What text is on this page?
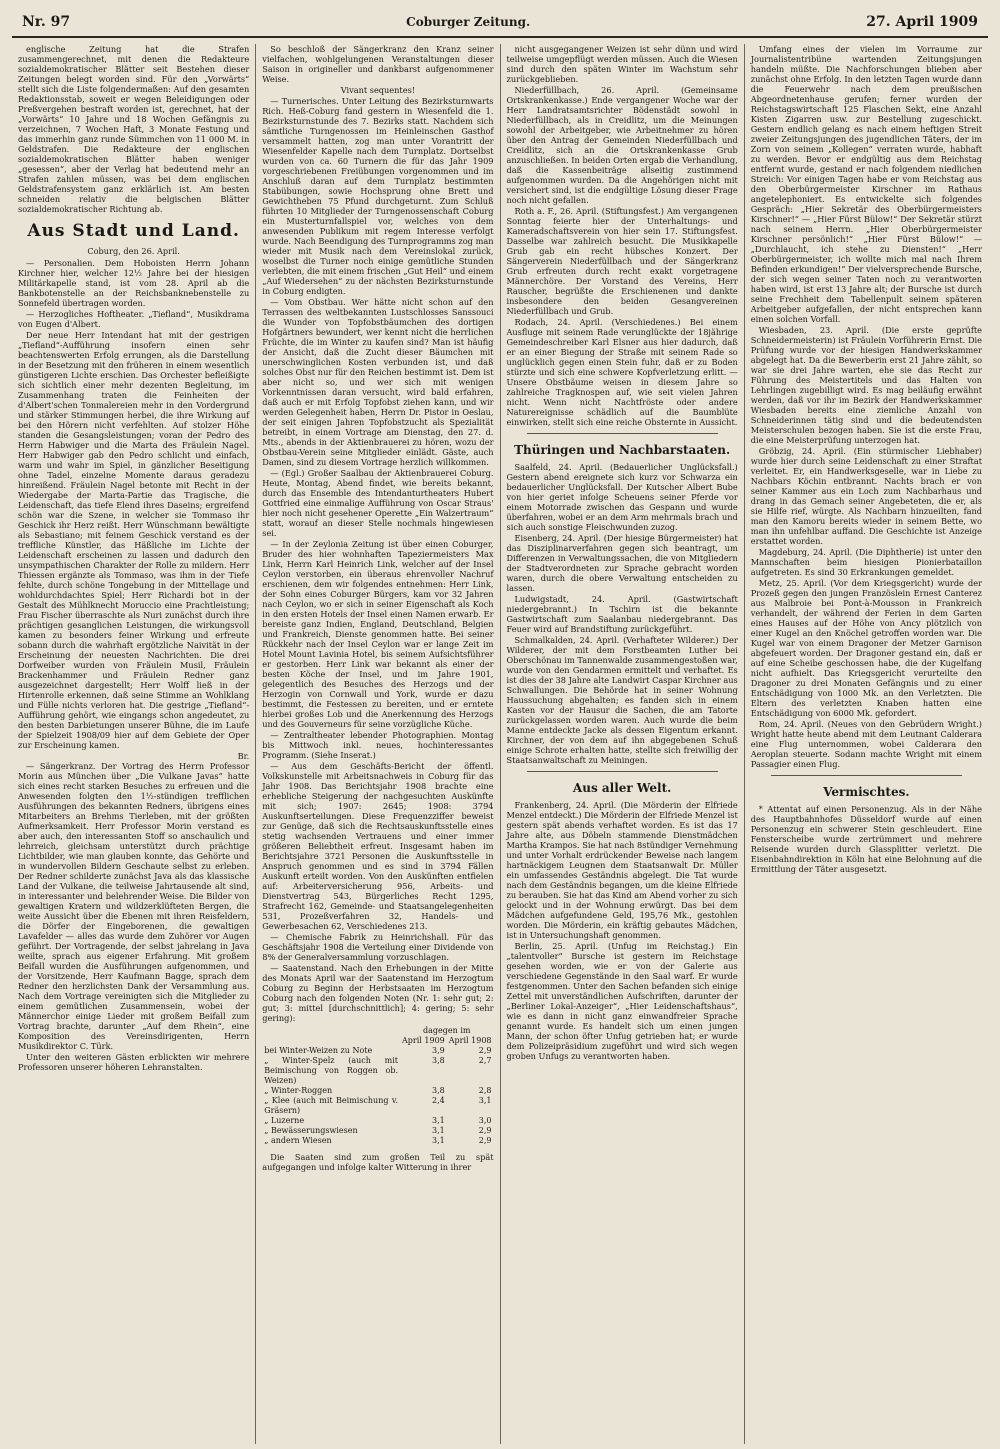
Nr. 97	Coburger Zeitung.	27. April 1909

englische Zeitung hat die Strafen zusammengerechnet, mit denen die Redakteure sozialdemokratischer Blätter seit Bestehen dieser Zeitungen belegt worden sind. Für den „Vorwärts“ stellt sich die Liste folgendermaßen: Auf den gesamten Redaktionsstab, soweit er wegen Beleidigungen oder Preßvergehen bestraft worden ist, gerechnet, hat der „Vorwärts“ 10 Jahre und 18 Wochen Gefängnis zu verzeichnen, 7 Wochen Haft, 3 Monate Festung und das immerhin ganz runde Sümmchen von 11 000 M. in Geldstrafen. Die Redakteure der englischen sozialdemokratischen Blätter haben weniger „gesessen“, aber der Verlag hat bedeutend mehr an Strafen zahlen müssen, was bei dem englischen Geldstrafensystem ganz erklärlich ist. Am besten schneiden relativ die belgischen Blätter sozialdemokratischer Richtung ab.

Aus Stadt und Land.
Coburg, den 26. April.

— Personalien. Dem Hoboisten Herrn Johann Kirchner hier, welcher 12½ Jahre bei der hiesigen Militärkapelle stand, ist vom 28. April ab die Bankbotenstelle an der Reichsbanknebenstelle zu Sonnefeld übertragen worden.

— Herzogliches Hoftheater. „Tiefland“, Musikdrama von Eugen d'Albert.

Der neue Herr Intendant hat mit der gestrigen „Tiefland“-Aufführung insofern einen sehr beachtenswerten Erfolg errungen, als die Darstellung in der Besetzung mit den früheren in einem wesentlich günstigeren Lichte erschien. Das Orchester befleißigte sich sichtlich einer mehr dezenten Begleitung, im Zusammenhang traten die Feinheiten der d'Albert'schen Tonmalereien mehr in den Vordergrund und stärker Stimmungen herbei, die ihre Wirkung auf bei den Hörern nicht verfehlten. Auf stolzer Höhe standen die Gesangsleistungen; voran der Pedro des Herrn Habwiger und die Marta des Fräulein Nagel. Herr Habwiger gab den Pedro schlicht und einfach, warm und wahr im Spiel, in gänzlicher Beseitigung ohne Tadel, einzelne Momente daraus geradezu hinreißend. Fräulein Nagel betonte mit Recht in der Wiedergabe der Marta-Partie das Tragische, die Leidenschaft, das tiefe Elend ihres Daseins; ergreifend schön war die Szene, in welcher sie Tommaso ihr Geschick ihr Herz reißt. Herr Wünschmann bewältigte als Sebastiano; mit feinem Geschick verstand es der treffliche Künstler, das Häßliche im Lichte der Leidenschaft erscheinen zu lassen und dadurch den unsympathischen Charakter der Rolle zu mildern. Herr Thiessen ergänzte als Tommaso, was ihm in der Tiefe fehlte, durch schöne Tongebung in der Mittellage und wohldurchdachtes Spiel; Herr Richardi bot in der Gestalt des Mühlknecht Moruccio eine Prachtleistung; Frau Fischer überraschte als Nuri zunächst durch ihre prächtigen gesanglichen Leistungen, die wirkungsvoll kamen zu besonders feiner Wirkung und erfreute sobann durch die wahrhaft ergötzliche Naivität in der Erscheinung der neuesten Nachrichten. Die drei Dorfweiber wurden von Fräulein Musil, Fräulein Brackenhammer und Fräulein Redner ganz ausgezeichnet dargestellt; Herr Wolff ließ in der Hirtenrolle erkennen, daß seine Stimme an Wohlklang und Fülle nichts verloren hat. Die gestrige „Tiefland“-Aufführung gehört, wie eingangs schon angedeutet, zu den besten Darbietungen unserer Bühne, die im Laufe der Spielzeit 1908/09 hier auf dem Gebiete der Oper zur Erscheinung kamen.

Br.

— Sängerkranz. Der Vortrag des Herrn Professor Morin aus München über „Die Vulkane Javas“ hatte sich eines recht starken Besuches zu erfreuen und die Anwesenden folgten den 1½-stündigen trefflichen Ausführungen des bekannten Redners, übrigens eines Mitarbeiters an Brehms Tierleben, mit der größten Aufmerksamkeit. Herr Professor Morin verstand es aber auch, den interessanten Stoff so anschaulich und lehrreich, gleichsam unterstützt durch prächtige Lichtbilder, wie man glauben konnte, das Gehörte und in wundervollen Bildern Geschaute selbst zu erleben. Der Redner schilderte zunächst Java als das klassische Land der Vulkane, die teilweise Jahrtausende alt sind, in interessanter und belehrender Weise. Die Bilder von gewaltigen Kratern und wildzerklüfteten Bergen, die weite Aussicht über die Ebenen mit ihren Reisfeldern, die Dörfer der Eingeborenen, die gewaltigen Lavafelder — alles das wurde dem Zuhörer vor Augen geführt. Der Vortragende, der selbst jahrelang in Java weilte, sprach aus eigener Erfahrung. Mit großem Beifall wurden die Ausführungen aufgenommen, und der Vorsitzende, Herr Kaufmann Bagge, sprach dem Redner den herzlichsten Dank der Versammlung aus. Nach dem Vortrage vereinigten sich die Mitglieder zu einem gemütlichen Zusammensein, wobei der Männerchor einige Lieder mit großem Beifall zum Vortrag brachte, darunter „Auf dem Rhein“, eine Komposition des Vereinsdirigenten, Herrn Musikdirektor C. Türk.

Unter den weiteren Gästen erblickten wir mehrere Professoren unserer höheren Lehranstalten.

So beschloß der Sängerkranz den Kranz seiner vielfachen, wohlgelungenen Veranstaltungen dieser Saison in origineller und dankbarst aufgenommener Weise.

Vivant sequentes!

— Turnerisches. Unter Leitung des Bezirksturnwarts Rich. Heß-Coburg fand gestern in Wiesenfeld die 1. Bezirksturnstunde des 7. Bezirks statt. Nachdem sich sämtliche Turngenossen im Heinleinschen Gasthof versammelt hatten, zog man unter Vorantritt der Wiesenfelder Kapelle nach dem Turnplatz. Dortselbst wurden von ca. 60 Turnern die für das Jahr 1909 vorgeschriebenen Freiübungen vorgenommen und im Anschluß daran auf dem Turnplatz bestimmten Stabübungen, sowie Hochsprung ohne Brett und Gewichtheben 75 Pfund durchgeturnt. Zum Schluß führten 10 Mitglieder der Turngenossenschaft Coburg ein Musterturnfallspiel vor, welches von dem anwesenden Publikum mit regem Interesse verfolgt wurde. Nach Beendigung des Turnprogramms zog man wieder mit Musik nach dem Vereinslokal zurück, woselbst die Turner noch einige gemütliche Stunden verlebten, die mit einem frischen „Gut Heil“ und einem „Auf Wiedersehen“ zu der nächsten Bezirksturnstunde in Coburg endigten.

— Vom Obstbau. Wer hätte nicht schon auf den Terrassen des weltbekannten Lustschlosses Sanssouci die Wunder von Topfobstbäumchen des dortigen Hofgärtners bewundert, wer kennt nicht die herrlichen Früchte, die im Winter zu kaufen sind? Man ist häufig der Ansicht, daß die Zucht dieser Bäumchen mit unerschwinglichen Kosten verbunden ist, und daß solches Obst nur für den Reichen bestimmt ist. Dem ist aber nicht so, und wer sich mit wenigen Vorkenntnissen daran versucht, wird bald erfahren, daß auch er mit Erfolg Topfobst ziehen kann, und wir werden Gelegenheit haben, Herrn Dr. Pistor in Oeslau, der seit einigen Jahren Topfobstzucht als Spezialität betreibt, in einem Vortrage am Dienstag, den 27. d. Mts., abends in der Aktienbrauerei zu hören, wozu der Obstbau-Verein seine Mitglieder einlädt. Gäste, auch Damen, sind zu diesem Vortrage herzlich willkommen.

— (Egl.) Großer Saalbau der Aktienbrauerei Coburg. Heute, Montag, Abend findet, wie bereits bekannt, durch das Ensemble des Intendanturtheaters Hubert Gottfried eine einmalige Aufführung von Oscar Straus' hier noch nicht gesehener Operette „Ein Walzertraum“ statt, worauf an dieser Stelle nochmals hingewiesen sei.

— In der Zeylonia Zeitung ist über einen Coburger, Bruder des hier wohnhaften Tapeziermeisters Max Link, Herrn Karl Heinrich Link, welcher auf der Insel Ceylon verstorben, ein überaus ehrenvoller Nachruf erschienen, dem wir folgendes entnehmen: Herr Link, der Sohn eines Coburger Bürgers, kam vor 32 Jahren nach Ceylon, wo er sich in seiner Eigenschaft als Koch in den ersten Hotels der Insel einen Namen erwarb. Er bereiste ganz Indien, England, Deutschland, Belgien und Frankreich, Dienste genommen hatte. Bei seiner Rückkehr nach der Insel Ceylon war er lange Zeit im Hotel Mount Lavinia Hotel, bis seinem Aufsichtsführer er gestorben. Herr Link war bekannt als einer der besten Köche der Insel, und im Jahre 1901, gelegentlich des Besuches des Herzogs und der Herzogin von Cornwall und York, wurde er dazu bestimmt, die Festessen zu bereiten, und er erntete hierbei großes Lob und die Anerkennung des Herzogs und des Gouverneurs für seine vorzügliche Küche.

— Zentraltheater lebender Photographien. Montag bis Mittwoch inkl. neues, hochinteressantes Programm. (Siehe Inserat.)

— Aus dem Geschäfts-Bericht der öffentl. Volkskunstelle mit Arbeitsnachweis in Coburg für das Jahr 1908. Das Berichtsjahr 1908 brachte eine erhebliche Steigerung der nachgesuchten Auskünfte mit sich; 1907: 2645; 1908: 3794 Auskunftserteilungen. Diese Frequenzziffer beweist zur Genüge, daß sich die Rechtsauskunftsstelle eines stetig wachsenden Vertrauens und einer immer größeren Beliebtheit erfreut. Insgesamt haben im Berichtsjahre 3721 Personen die Auskunftsstelle in Anspruch genommen und es sind in 3794 Fällen Auskunft erteilt worden. Von den Auskünften entfielen auf: Arbeiterversicherung 956, Arbeits- und Dienstvertrag 543, Bürgerliches Recht 1295, Strafrecht 162, Gemeinde- und Staatsangelegenheiten 531, Prozeßverfahren 32, Handels- und Gewerbesachen 62, Verschiedenes 213.

— Chemische Fabrik zu Heinrichshall. Für das Geschäftsjahr 1908 die Verteilung einer Dividende von 8% der Generalversammlung vorzuschlagen.

— Saatenstand. Nach den Erhebungen in der Mitte des Monats April war der Saatenstand im Herzogtum Coburg zu Beginn der Herbstsaaten im Herzogtum Coburg nach den folgenden Noten (Nr. 1: sehr gut; 2: gut; 3: mittel [durchschnittlich]; 4: gering; 5: sehr gering):

	dagegen im	
	April 1909	April 1908
bei Winter-Weizen zu Note	3,9	2,9
„ Winter-Spelz (auch mit Beimischung von Roggen ob. Weizen)	3,8	2,7
„ Winter-Roggen	3,8	2,8
„ Klee (auch mit Beimischung v. Gräsern)	2,4	3,1
„ Luzerne	3,1	3,0
„ Bewässerungswiesen	3,1	2,9
„ andern Wiesen	3,1	2,9

Die Saaten sind zum großen Teil zu spät aufgegangen und infolge kalter Witterung in ihrer

nicht ausgegangener Weizen ist sehr dünn und wird teilweise umgepflügt werden müssen. Auch die Wiesen sind durch den späten Winter im Wachstum sehr zurückgeblieben.

Niederfüllbach, 26. April. (Gemeinsame Ortskrankenkasse.) Ende vergangener Woche war der Herr Landratsamtsrichter Bödenstädt sowohl in Niederfüllbach, als in Creidlitz, um die Meinungen sowohl der Arbeitgeber, wie Arbeitnehmer zu hören über den Antrag der Gemeinden Niederfüllbach und Creidlitz, sich an die Ortskrankenkasse Grub anzuschließen. In beiden Orten ergab die Verhandlung, daß die Kassenbeiträge allseitig zustimmend aufgenommen wurden. Da die Angehörigen nicht mit versichert sind, ist die endgültige Lösung dieser Frage noch nicht gefallen.

Roth a. F., 26. April. (Stiftungsfest.) Am vergangenen Sonntag feierte hier der Unterhaltungs- und Kameradschaftsverein von hier sein 17. Stiftungsfest. Dasselbe war zahlreich besucht. Die Musikkapelle Grub gab ein recht hübsches Konzert. Der Sängerverein Niederfüllbach und der Sängerkranz Grub erfreuten durch recht exakt vorgetragene Männerchöre. Der Vorstand des Vereins, Herr Rauscher, begrüßte die Erschienenen und dankte insbesondere den beiden Gesangvereinen Niederfüllbach und Grub.

Rodach, 24. April. (Verschiedenes.) Bei einem Ausfluge mit seinem Rade verunglückte der 18jährige Gemeindeschreiber Karl Elsner aus hier dadurch, daß er an einer Biegung der Straße mit seinem Rade so unglücklich gegen einen Stein fuhr, daß er zu Boden stürzte und sich eine schwere Kopfverletzung erlitt. — Unsere Obstbäume weisen in diesem Jahre so zahlreiche Tragknospen auf, wie seit vielen Jahren nicht. Wenn nicht Nachtfröste oder andere Naturereignisse schädlich auf die Baumblüte einwirken, stellt sich eine reiche Obsternte in Aussicht.

Thüringen und Nachbarstaaten.

Saalfeld, 24. April. (Bedauerlicher Unglücksfall.) Gestern abend ereignete sich kurz vor Schwarza ein bedauerlicher Unglücksfall. Der Kutscher Albert Bube von hier geriet infolge Scheuens seiner Pferde vor einem Motorrade zwischen das Gespann und wurde überfahren, wobei er an dem Arm mehrmals brach und sich auch sonstige Fleischwunden zuzog.

Eisenberg, 24. April. (Der hiesige Bürgermeister) hat das Disziplinarverfahren gegen sich beantragt, um Differenzen in Verwaltungssachen, die von Mitgliedern der Stadtverordneten zur Sprache gebracht worden waren, durch die obere Verwaltung entscheiden zu lassen.

Ludwigstadt, 24. April. (Gastwirtschaft niedergebrannt.) In Tschirn ist die bekannte Gastwirtschaft zum Saalanbau niedergebrannt. Das Feuer wird auf Brandstiftung zurückgeführt.

Schmalkalden, 24. April. (Verhafteter Wilderer.) Der Wilderer, der mit dem Forstbeamten Luther bei Oberschönau im Tannenwalde zusammengestoßen war, wurde von den Gendarmen ermittelt und verhaftet. Es ist dies der 38 Jahre alte Landwirt Caspar Kirchner aus Schwallungen. Die Behörde hat in seiner Wohnung Haussuchung abgehalten; es fanden sich in einem Kasten vor der Hausur die Sachen, die am Tatorte zurückgelassen worden waren. Auch wurde die beim Manne entdeckte Jacke als dessen Eigentum erkannt. Kirchner, der von dem auf ihn abgegebenen Schuß einige Schrote erhalten hatte, stellte sich freiwillig der Staatsanwaltschaft zu Meiningen.

Aus aller Welt.

Frankenberg, 24. April. (Die Mörderin der Elfriede Menzel entdeckt.) Die Mörderin der Elfriede Menzel ist gestern spät abends verhaftet worden. Es ist das 17 Jahre alte, aus Döbeln stammende Dienstmädchen Martha Krampos. Sie hat nach 8stündiger Vernehmung und unter Vorhalt erdrückender Beweise nach langem hartnäckigem Leugnen dem Staatsanwalt Dr. Müller ein umfassendes Geständnis abgelegt. Die Tat wurde nach dem Geständnis begangen, um die kleine Elfriede zu berauben. Sie hat das Kind am Abend vorher zu sich gelockt und in der Wohnung erwürgt. Das bei dem Mädchen aufgefundene Geld, 195,76 Mk., gestohlen worden. Die Mörderin, ein kräftig gebautes Mädchen, ist in Untersuchungshaft genommen.

Berlin, 25. April. (Unfug im Reichstag.) Ein „talentvoller“ Bursche ist gestern im Reichstage gesehen worden, wie er von der Galerie aus verschiedene Gegenstände in den Saal warf. Er wurde festgenommen. Unter den Sachen befanden sich einige Zettel mit unverständlichen Aufschriften, darunter der „Berliner Lokal-Anzeiger“, „Hier Leidenschaftshaus“, wie es dann in nicht ganz einwandfreier Sprache genannt wurde. Es handelt sich um einen jungen Mann, der schon öfter Unfug getrieben hat; er wurde dem Polizeipräsidium zugeführt und wird sich wegen groben Unfugs zu verantworten haben.

Umfang eines der vielen im Vorraume zur Journalistentribüne wartenden Zeitungsjungen handeln müßte. Die Nachforschungen blieben aber zunächst ohne Erfolg. In den letzten Tagen wurde dann die Feuerwehr nach dem preußischen Abgeordnetenhause gerufen; ferner wurden der Reichstagswirtschaft 125 Flaschen Sekt, eine Anzahl Kisten Zigarren usw. zur Bestellung zugeschickt. Gestern endlich gelang es nach einem heftigen Streit zweier Zeitungsjungen des jugendlichen Täters, der im Zorn von seinem „Kollegen“ verraten wurde, habhaft zu werden. Bevor er endgültig aus dem Reichstag entfernt wurde, gestand er nach folgendem niedlichen Streich: Vor einigen Tagen habe er vom Reichstag aus den Oberbürgermeister Kirschner im Rathaus angetelephoniert. Es entwickelte sich folgendes Gespräch: „Hier Sekretär des Oberbürgermeisters Kirschner!“ — „Hier Fürst Bülow!“ Der Sekretär stürzt nach seinem Herrn. „Hier Oberbürgermeister Kirschner persönlich!“ „Hier Fürst Bülow!“ — „Durchlaucht, ich stehe zu Diensten!“ „Herr Oberbürgermeister, ich wollte mich mal nach Ihrem Befinden erkundigen!“ Der vielversprechende Bursche, der sich wegen seiner Taten noch zu verantworten haben wird, ist erst 13 Jahre alt; der Bursche ist durch seine Frechheit dem Tabellenpult seinem späteren Arbeitgeber aufgefallen, der nicht entsprechen kann einen solchen Vorfall.

Wiesbaden, 23. April. (Die erste geprüfte Schneidermeisterin) ist Fräulein Vorführerin Ernst. Die Prüfung wurde vor der hiesigen Handwerkskammer abgelegt hat. Da die Bewerberin erst 21 Jahre zählt, so war sie drei Jahre warten, ehe sie das Recht zur Führung des Meistertitels und das Halten von Lehrlingen zugebilligt wird. Es mag beiläufig erwähnt werden, daß vor ihr im Bezirk der Handwerkskammer Wiesbaden bereits eine ziemliche Anzahl von Schneiderinnen tätig sind und die bedeutendsten Meisterschulen bezogen haben. Sie ist die erste Frau, die eine Meisterprüfung unterzogen hat.

Gröbzig, 24. April. (Ein stürmischer Liebhaber) wurde hier durch seine Leidenschaft zu einer Straftat verleitet. Er, ein Handwerksgeselle, war in Liebe zu Nachbars Köchin entbrannt. Nachts brach er von seiner Kammer aus ein Loch zum Nachbarhaus und drang in das Gemach seiner Angebeteten, die er, als sie Hilfe rief, würgte. Als Nachbarn hinzueilten, fand man den Kamoru bereits wieder in seinem Bette, wo man ihn unfehlbar auffand. Die Geschichte ist Anzeige erstattet worden.

Magdeburg, 24. April. (Die Diphtherie) ist unter den Mannschaften beim hiesigen Pionierbataillon aufgetreten. Es sind 30 Erkrankungen gemeldet.

Metz, 25. April. (Vor dem Kriegsgericht) wurde der Prozeß gegen den jungen Französlein Ernest Canterez aus Malbroie bei Pont-à-Mousson in Frankreich verhandelt, der während der Ferien in dem Garten eines Hauses auf der Höhe von Ancy plötzlich von einer Kugel an den Knöchel getroffen worden war. Die Kugel war von einem Dragoner der Metzer Garnison abgefeuert worden. Der Dragoner gestand ein, daß er auf eine Scheibe geschossen habe, die der Kugelfang nicht aufhielt. Das Kriegsgericht verurteilte den Dragoner zu drei Monaten Gefängnis und zu einer Entschädigung von 1000 Mk. an den Verletzten. Die Eltern des verletzten Knaben hatten eine Entschädigung von 6000 Mk. gefordert.

Rom, 24. April. (Neues von den Gebrüdern Wright.) Wright hatte heute abend mit dem Leutnant Calderara eine Flug unternommen, wobei Calderara den Aeroplan steuerte. Sodann machte Wright mit einem Passagier einen Flug.

Vermischtes.

* Attentat auf einen Personenzug. Als in der Nähe des Hauptbahnhofes Düsseldorf wurde auf einen Personenzug ein schwerer Stein geschleudert. Eine Fensterscheibe wurde zertrümmert und mehrere Reisende wurden durch Glassplitter verletzt. Die Eisenbahndirektion in Köln hat eine Belohnung auf die Ermittlung der Täter ausgesetzt.
